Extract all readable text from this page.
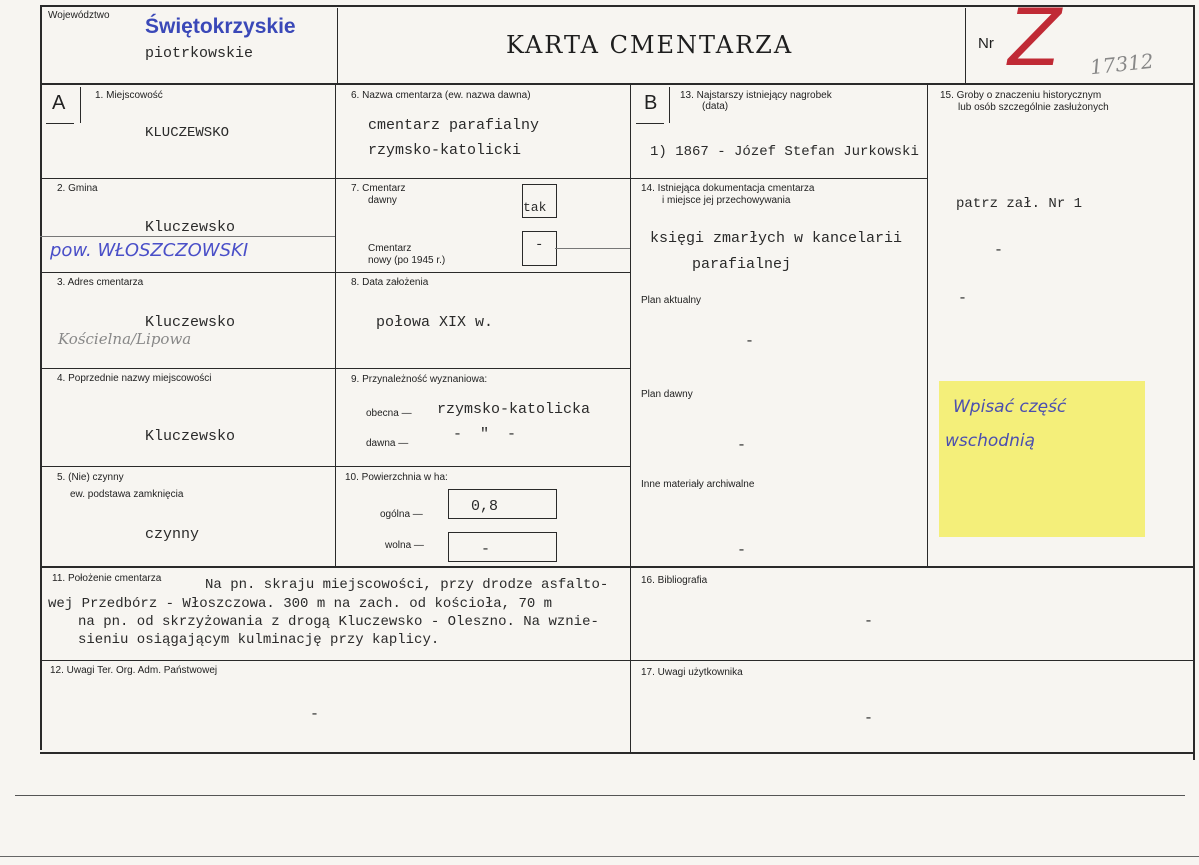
Województwo Świętokrzyskie
piotrkowskie	KARTA CMENTARZA	Nr Z 17312
A	1. Miejscowość
KLUCZEWSKO
2. Gmina
Kluczewsko
pow. WŁOSZCZOWSKI
3. Adres cmentarza
Kluczewsko
Kościelna/Lipowa
4. Poprzednie nazwy miejscowości
Kluczewsko
5. (Nie) czynny
ew. podstawa zamknięcia
czynny
6. Nazwa cmentarza (ew. nazwa dawna)
cmentarz parafialny
rzymsko-katolicki
7. Cmentarz
dawny	tak
Cmentarz
nowy (po 1945 r.)
-
8. Data założenia
połowa XIX w.
9. Przynależność wyznaniowa:
obecna — rzymsko-katolicka
dawna —
-  "  -
10. Powierzchnia w ha:
ogólna —	0,8
wolna —	-
B 13. Najstarszy istniejący nagrobek
(data)
1) 1867 - Józef Stefan Jurkowski
14. Istniejąca dokumentacja cmentarza
i miejsce jej przechowywania
księgi zmarłych w kancelarii
parafialnej
Plan aktualny
-
Plan dawny
-
Inne materiały archiwalne
-
15. Groby o znaczeniu historycznym
lub osób szczególnie zasłużonych
patrz zał. Nr 1
-
-
Wpisać część
wschodnią
11. Położenie cmentarza	Na pn. skraju miejscowości, przy drodze asfalto-
wej Przedbórz - Włoszczowa. 300 m na zach. od kościoła, 70 m
na pn. od skrzyżowania z drogą Kluczewsko - Oleszno. Na wznie-
sieniu osiągającym kulminację przy kaplicy.
16. Bibliografia
-
12. Uwagi Ter. Org. Adm. Państwowej
-
17. Uwagi użytkownika
-
